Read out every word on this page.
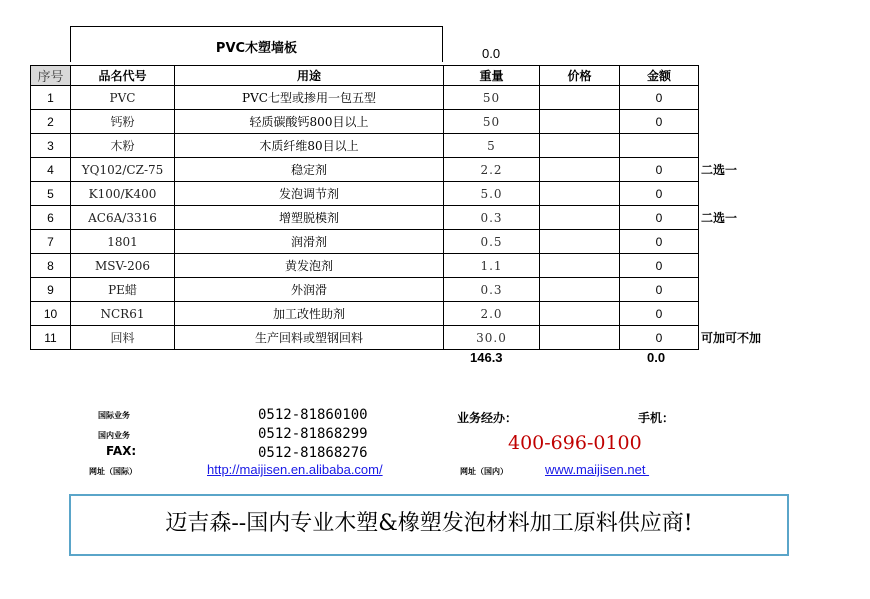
PVC木塑墙板	0.0
序号	品名代号	用途	重量	价格	金额	
1	PVC	PVC七型或掺用一包五型	50		0	
2	钙粉	轻质碳酸钙800目以上	50		0	
3	木粉	木质纤维80目以上	5			
4	YQ102/CZ-75	稳定剂	2.2		0	二选一
5	K100/K400	发泡调节剂	5.0		0	
6	AC6A/3316	增塑脱模剂	0.3		0	二选一
7	1801	润滑剂	0.5		0	
8	MSV-206	黄发泡剂	1.1		0	
9	PE蜡	外润滑	0.3		0	
10	NCR61	加工改性助剂	2.0		0	
11	回料	生产回料或塑钢回料	30.0		0	可加可不加
146.3	0.0
国际业务	0512-81860100
国内业务	0512-81868299
FAX:	0512-81868276
网址（国际）	http://maijisen.en.alibaba.com/
业务经办：	手机：
400-696-0100
网址（国内）	www.maijisen.net
迈吉森--国内专业木塑&橡塑发泡材料加工原料供应商!
